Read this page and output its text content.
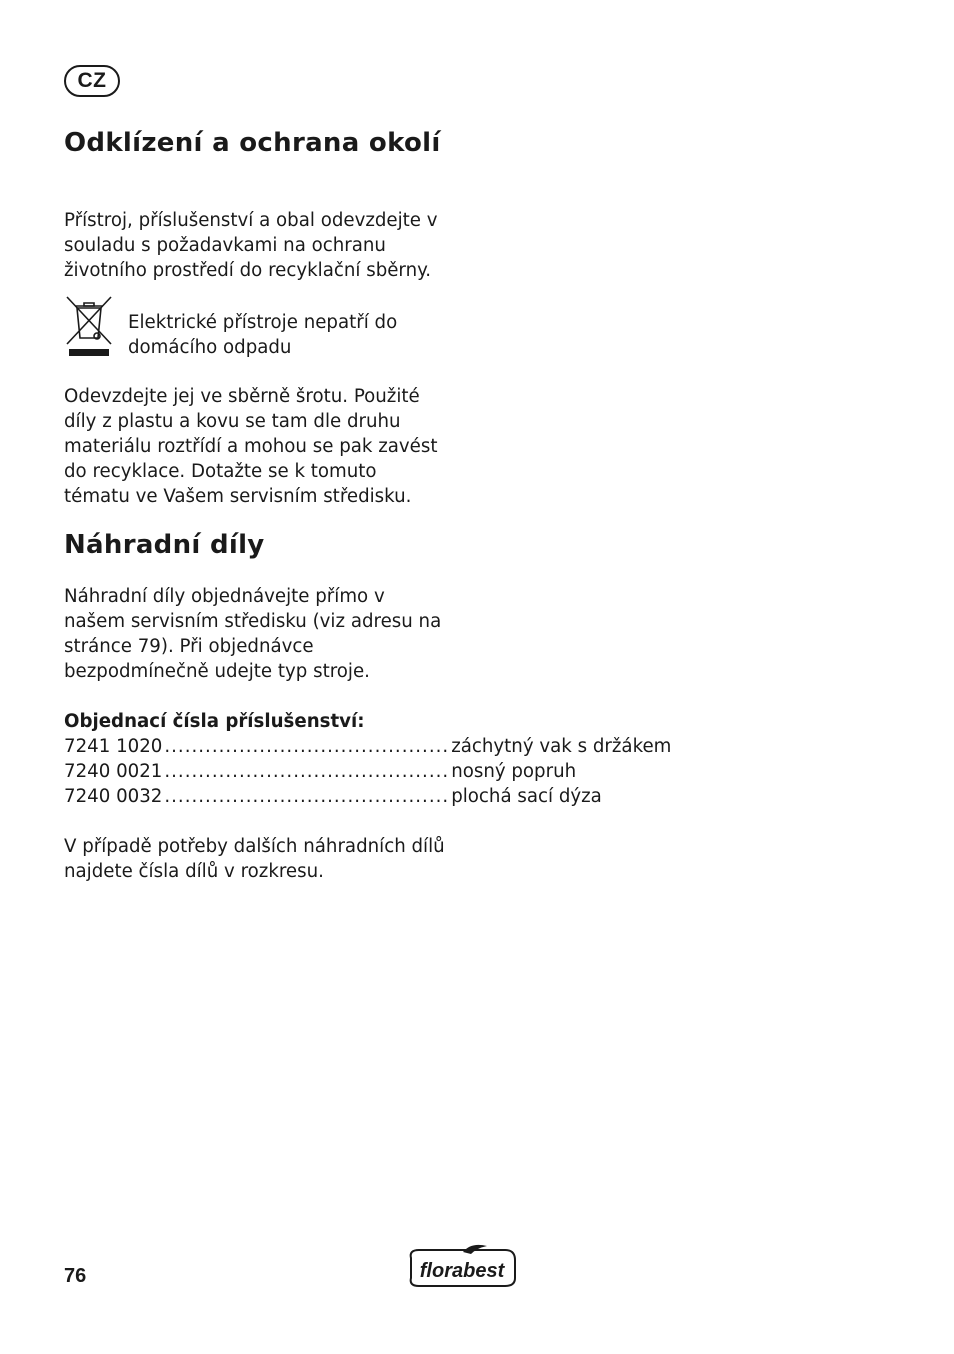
CZ
Odklízení a ochrana okolí

Přístroj, příslušenství a obal odevzdejte v souladu s požadavkami na ochranu životního prostředí do recyklační sběrny.

Elektrické přístroje nepatří do domácího odpadu

Odevzdejte jej ve sběrně šrotu. Použité díly z plastu a kovu se tam dle druhu materiálu roztřídí a mohou se pak zavést do recyklace. Dotažte se k tomuto tématu ve Vašem servisním středisku.

Náhradní díly

Náhradní díly objednávejte přímo v našem servisním středisku (viz adresu na stránce 79). Při objednávce bezpodmínečně udejte typ stroje.

Objednací čísla příslušenství:

7241 1020 .......................................... záchytný vak s držákem
7240 0021 .......................................... nosný popruh
7240 0032 .......................................... plochá sací dýza

V případě potřeby dalších náhradních dílů najdete čísla dílů v rozkresu.

76	florabest
